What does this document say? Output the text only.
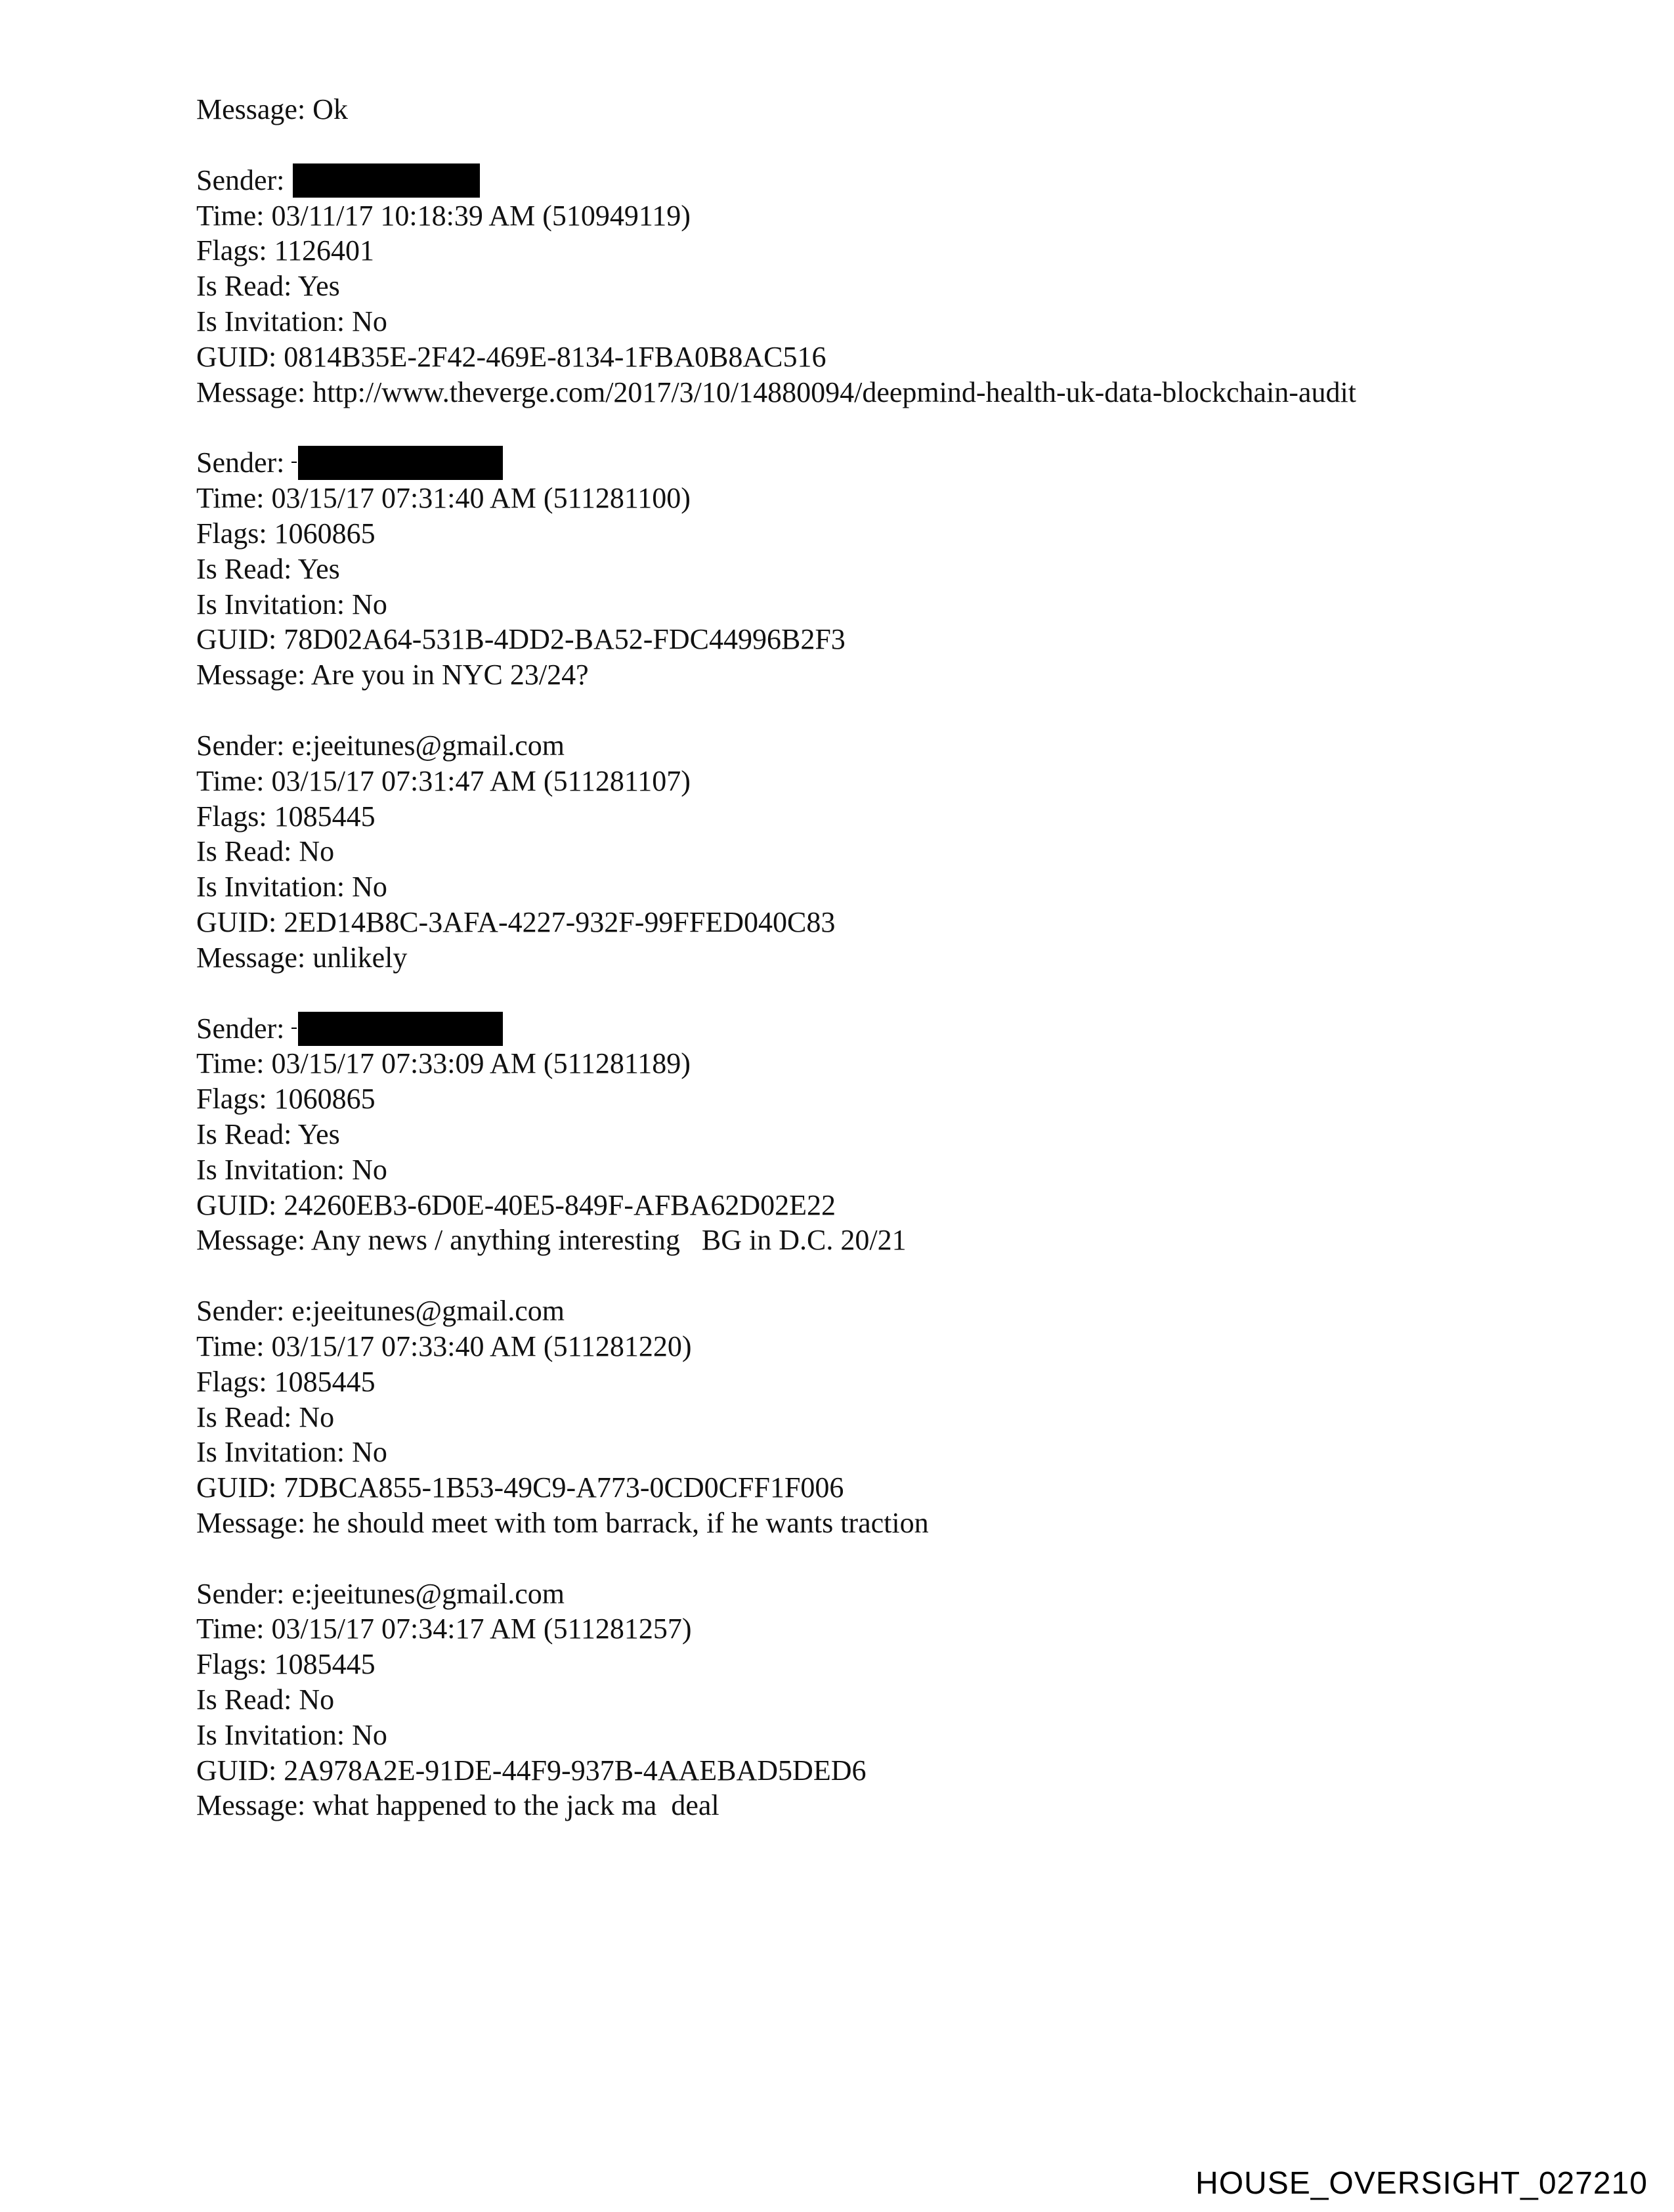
Message: Ok
Sender:
Time: 03/11/17 10:18:39 AM (510949119)
Flags: 1126401
Is Read: Yes
Is Invitation: No
GUID: 0814B35E-2F42-469E-8134-1FBA0B8AC516
Message: http://www.theverge.com/2017/3/10/14880094/deepmind-health-uk-data-blockchain-audit
Sender:
Time: 03/15/17 07:31:40 AM (511281100)
Flags: 1060865
Is Read: Yes
Is Invitation: No
GUID: 78D02A64-531B-4DD2-BA52-FDC44996B2F3
Message: Are you in NYC 23/24?
Sender: e:jeeitunes@gmail.com
Time: 03/15/17 07:31:47 AM (511281107)
Flags: 1085445
Is Read: No
Is Invitation: No
GUID: 2ED14B8C-3AFA-4227-932F-99FFED040C83
Message: unlikely
Sender:
Time: 03/15/17 07:33:09 AM (511281189)
Flags: 1060865
Is Read: Yes
Is Invitation: No
GUID: 24260EB3-6D0E-40E5-849F-AFBA62D02E22
Message: Any news / anything interesting   BG in D.C. 20/21
Sender: e:jeeitunes@gmail.com
Time: 03/15/17 07:33:40 AM (511281220)
Flags: 1085445
Is Read: No
Is Invitation: No
GUID: 7DBCA855-1B53-49C9-A773-0CD0CFF1F006
Message: he should meet with tom barrack, if he wants traction
Sender: e:jeeitunes@gmail.com
Time: 03/15/17 07:34:17 AM (511281257)
Flags: 1085445
Is Read: No
Is Invitation: No
GUID: 2A978A2E-91DE-44F9-937B-4AAEBAD5DED6
Message: what happened to the jack ma  deal
HOUSE_OVERSIGHT_027210
